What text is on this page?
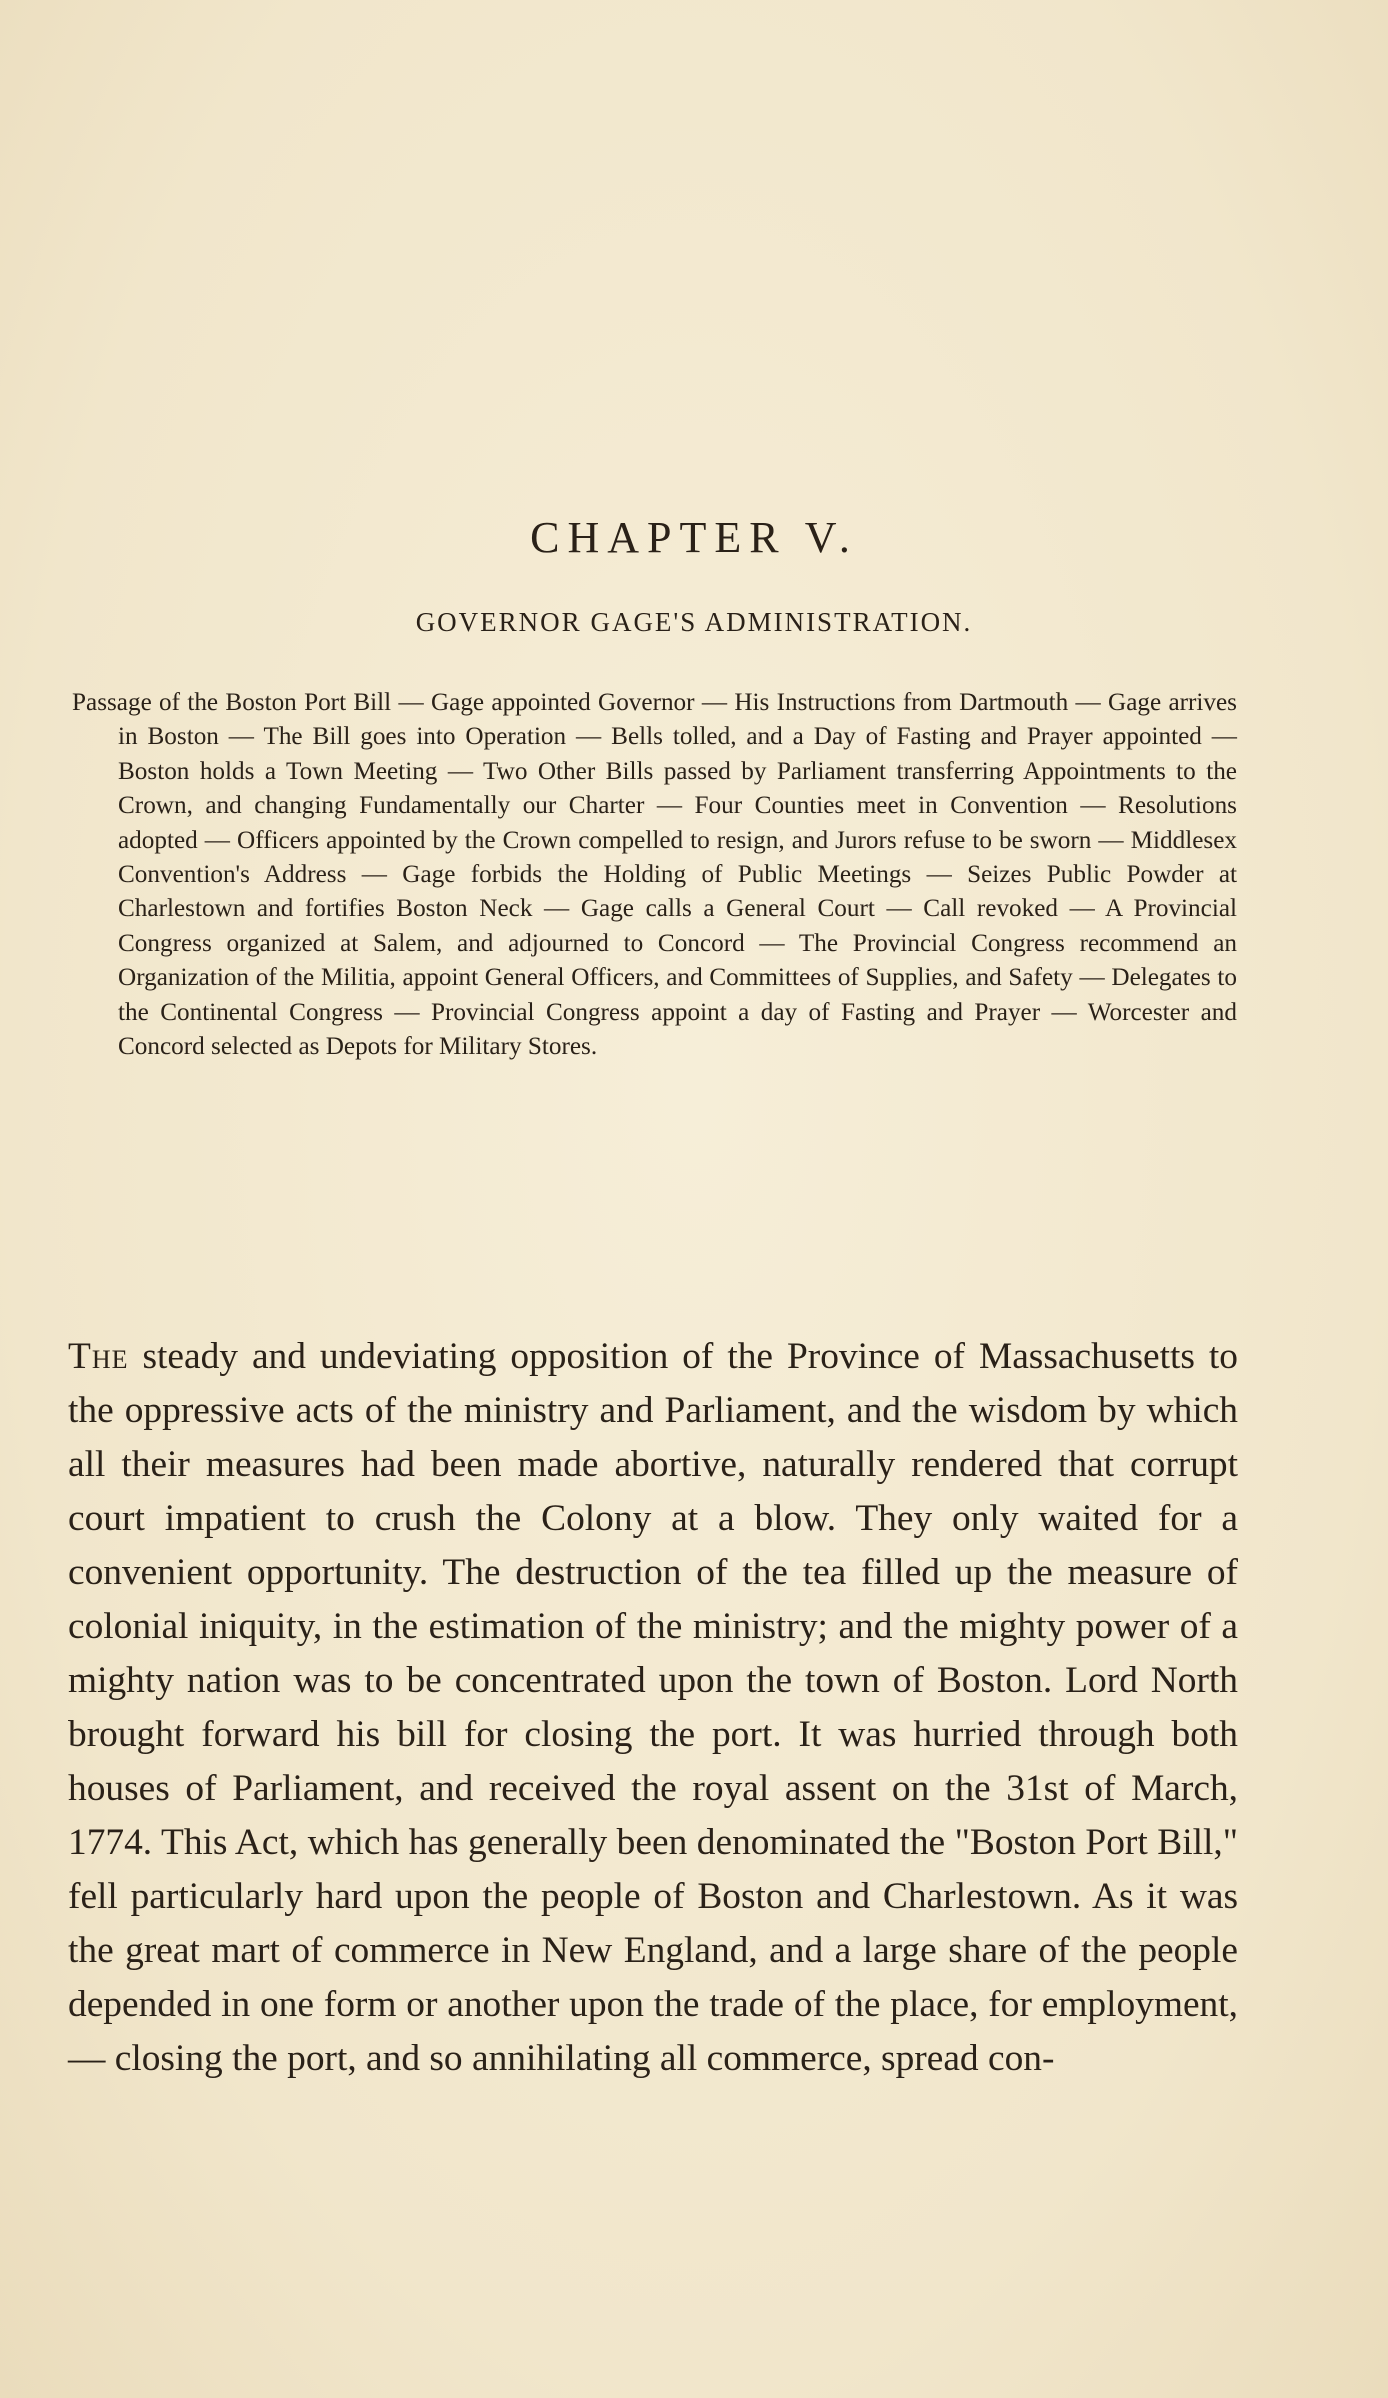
CHAPTER V.
GOVERNOR GAGE'S ADMINISTRATION.

Passage of the Boston Port Bill — Gage appointed Governor — His Instructions from Dartmouth — Gage arrives in Boston — The Bill goes into Operation — Bells tolled, and a Day of Fasting and Prayer appointed — Boston holds a Town Meeting — Two Other Bills passed by Parliament transferring Appointments to the Crown, and changing Fundamentally our Charter — Four Counties meet in Convention — Resolutions adopted — Officers appointed by the Crown compelled to resign, and Jurors refuse to be sworn — Middlesex Convention's Address — Gage forbids the Holding of Public Meetings — Seizes Public Powder at Charlestown and fortifies Boston Neck — Gage calls a General Court — Call revoked — A Provincial Congress organized at Salem, and adjourned to Concord — The Provincial Congress recommend an Organization of the Militia, appoint General Officers, and Committees of Supplies, and Safety — Delegates to the Continental Congress — Provincial Congress appoint a day of Fasting and Prayer — Worcester and Concord selected as Depots for Military Stores.

The steady and undeviating opposition of the Province of Massachusetts to the oppressive acts of the ministry and Parliament, and the wisdom by which all their measures had been made abortive, naturally rendered that corrupt court impatient to crush the Colony at a blow. They only waited for a convenient opportunity. The destruction of the tea filled up the measure of colonial iniquity, in the estimation of the ministry; and the mighty power of a mighty nation was to be concentrated upon the town of Boston. Lord North brought forward his bill for closing the port. It was hurried through both houses of Parliament, and received the royal assent on the 31st of March, 1774. This Act, which has generally been denominated the "Boston Port Bill," fell particularly hard upon the people of Boston and Charlestown. As it was the great mart of commerce in New England, and a large share of the people depended in one form or another upon the trade of the place, for employment,— closing the port, and so annihilating all commerce, spread con-
